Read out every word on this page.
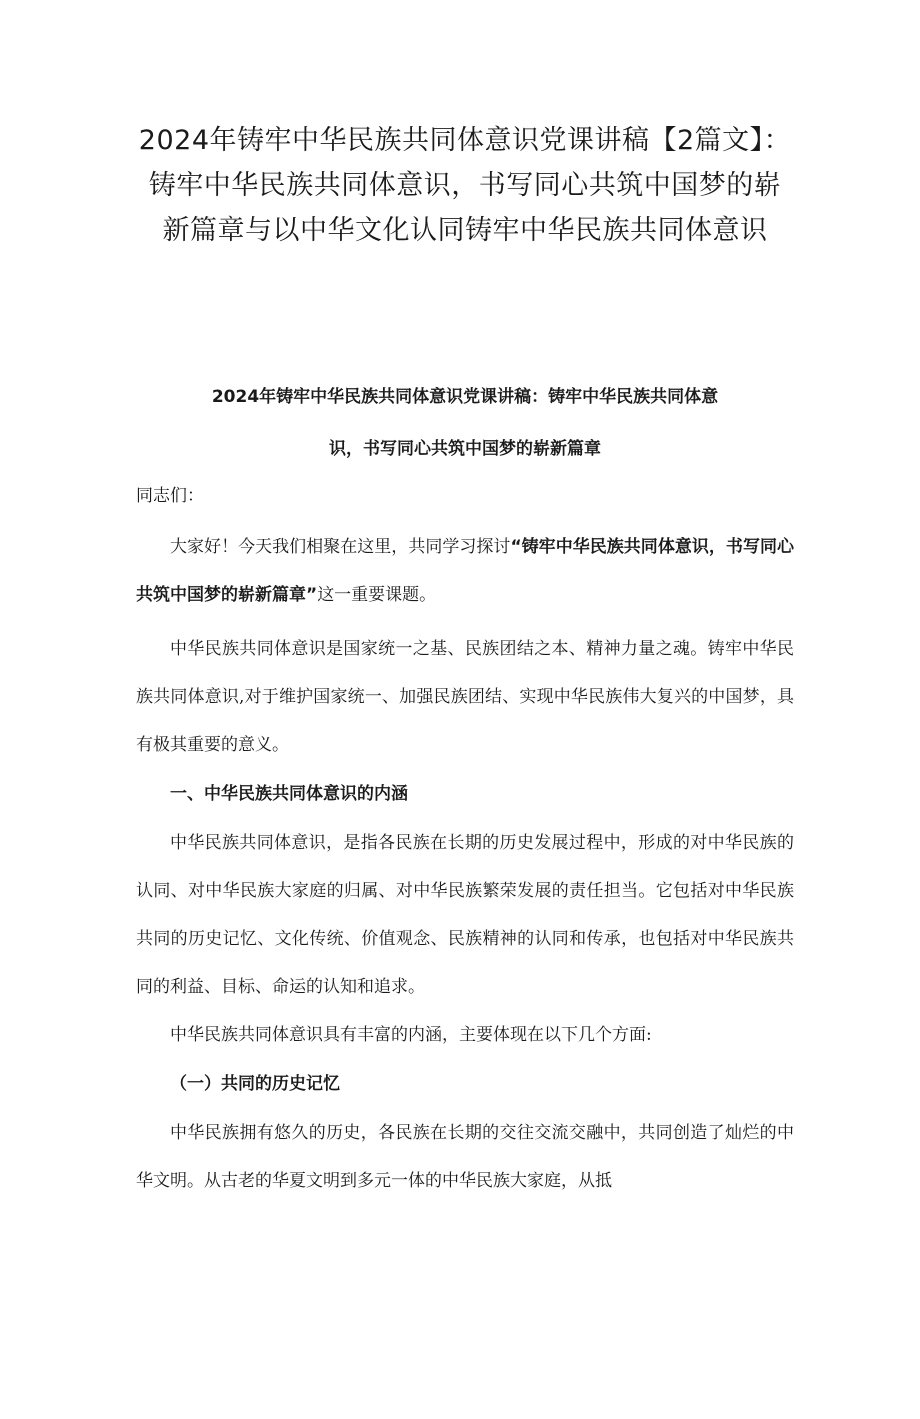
2024年铸牢中华民族共同体意识党课讲稿【2篇文】：
铸牢中华民族共同体意识，书写同心共筑中国梦的崭
新篇章与以中华文化认同铸牢中华民族共同体意识
2024年铸牢中华民族共同体意识党课讲稿：铸牢中华民族共同体意
识，书写同心共筑中国梦的崭新篇章

同志们：

大家好！今天我们相聚在这里，共同学习探讨“铸牢中华民族共同体意识，书写同心共筑中国梦的崭新篇章”这一重要课题。

中华民族共同体意识是国家统一之基、民族团结之本、精神力量之魂。铸牢中华民族共同体意识,对于维护国家统一、加强民族团结、实现中华民族伟大复兴的中国梦，具有极其重要的意义。

一、中华民族共同体意识的内涵

中华民族共同体意识，是指各民族在长期的历史发展过程中，形成的对中华民族的认同、对中华民族大家庭的归属、对中华民族繁荣发展的责任担当。它包括对中华民族共同的历史记忆、文化传统、价值观念、民族精神的认同和传承，也包括对中华民族共同的利益、目标、命运的认知和追求。

中华民族共同体意识具有丰富的内涵，主要体现在以下几个方面:

（一）共同的历史记忆

中华民族拥有悠久的历史，各民族在长期的交往交流交融中，共同创造了灿烂的中华文明。从古老的华夏文明到多元一体的中华民族大家庭，从抵
